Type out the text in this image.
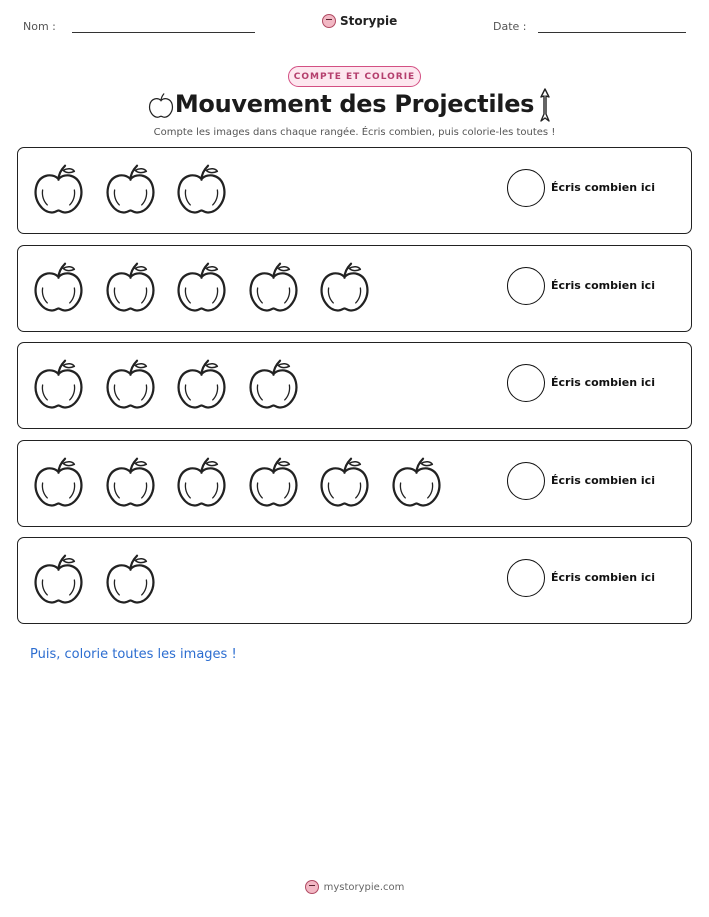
Nom :	Storypie	Date :
COMPTE ET COLORIE
Mouvement des Projectiles
Compte les images dans chaque rangée. Écris combien, puis colorie-les toutes !
Écris combien ici
Écris combien ici
Écris combien ici
Écris combien ici
Écris combien ici
Puis, colorie toutes les images !
mystorypie.com
